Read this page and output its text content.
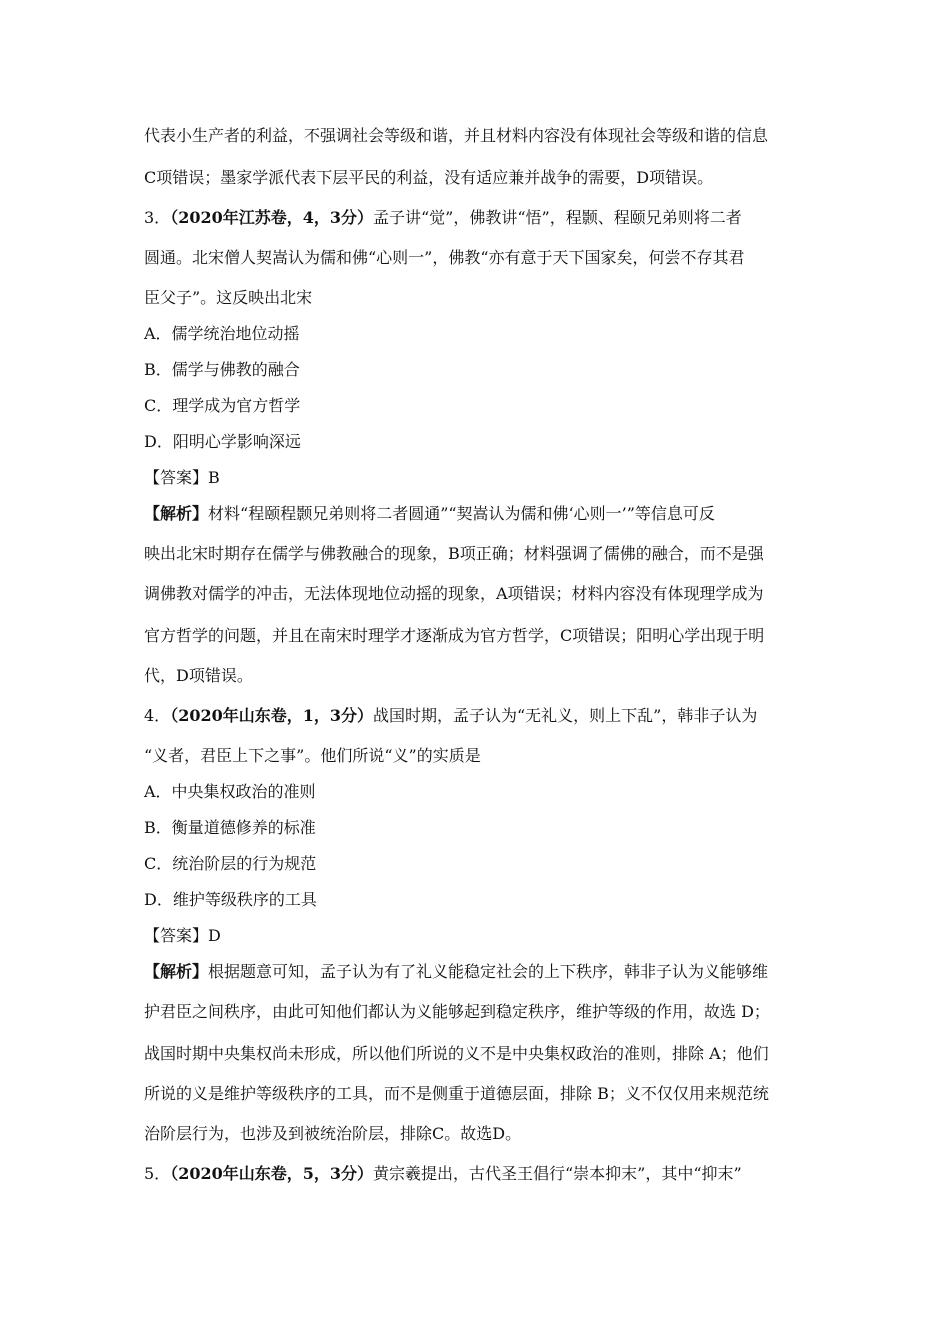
代表小生产者的利益，不强调社会等级和谐，并且材料内容没有体现社会等级和谐的信息
C项错误；墨家学派代表下层平民的利益，没有适应兼并战争的需要，D项错误。
3．（2020年江苏卷，4，3分）孟子讲“觉”，佛教讲“悟”，程颢、程颐兄弟则将二者
圆通。北宋僧人契嵩认为儒和佛“心则一”，佛教“亦有意于天下国家矣，何尝不存其君
臣父子”。这反映出北宋
A．儒学统治地位动摇
B．儒学与佛教的融合
C．理学成为官方哲学
D．阳明心学影响深远
【答案】B
【解析】材料“程颐程颢兄弟则将二者圆通”“契嵩认为儒和佛‘心则一’”等信息可反
映出北宋时期存在儒学与佛教融合的现象，B项正确；材料强调了儒佛的融合，而不是强
调佛教对儒学的冲击，无法体现地位动摇的现象，A项错误；材料内容没有体现理学成为
官方哲学的问题，并且在南宋时理学才逐渐成为官方哲学，C项错误；阳明心学出现于明
代，D项错误。
4．（2020年山东卷，1，3分）战国时期，孟子认为“无礼义，则上下乱”，韩非子认为
“义者，君臣上下之事”。他们所说“义”的实质是
A．中央集权政治的准则
B．衡量道德修养的标准
C．统治阶层的行为规范
D．维护等级秩序的工具
【答案】D
【解析】根据题意可知，孟子认为有了礼义能稳定社会的上下秩序，韩非子认为义能够维
护君臣之间秩序，由此可知他们都认为义能够起到稳定秩序，维护等级的作用，故选 D；
战国时期中央集权尚未形成，所以他们所说的义不是中央集权政治的准则，排除 A；他们
所说的义是维护等级秩序的工具，而不是侧重于道德层面，排除 B；义不仅仅用来规范统
治阶层行为，也涉及到被统治阶层，排除C。故选D。
5．（2020年山东卷，5，3分）黄宗羲提出，古代圣王倡行“崇本抑末”，其中“抑末”
